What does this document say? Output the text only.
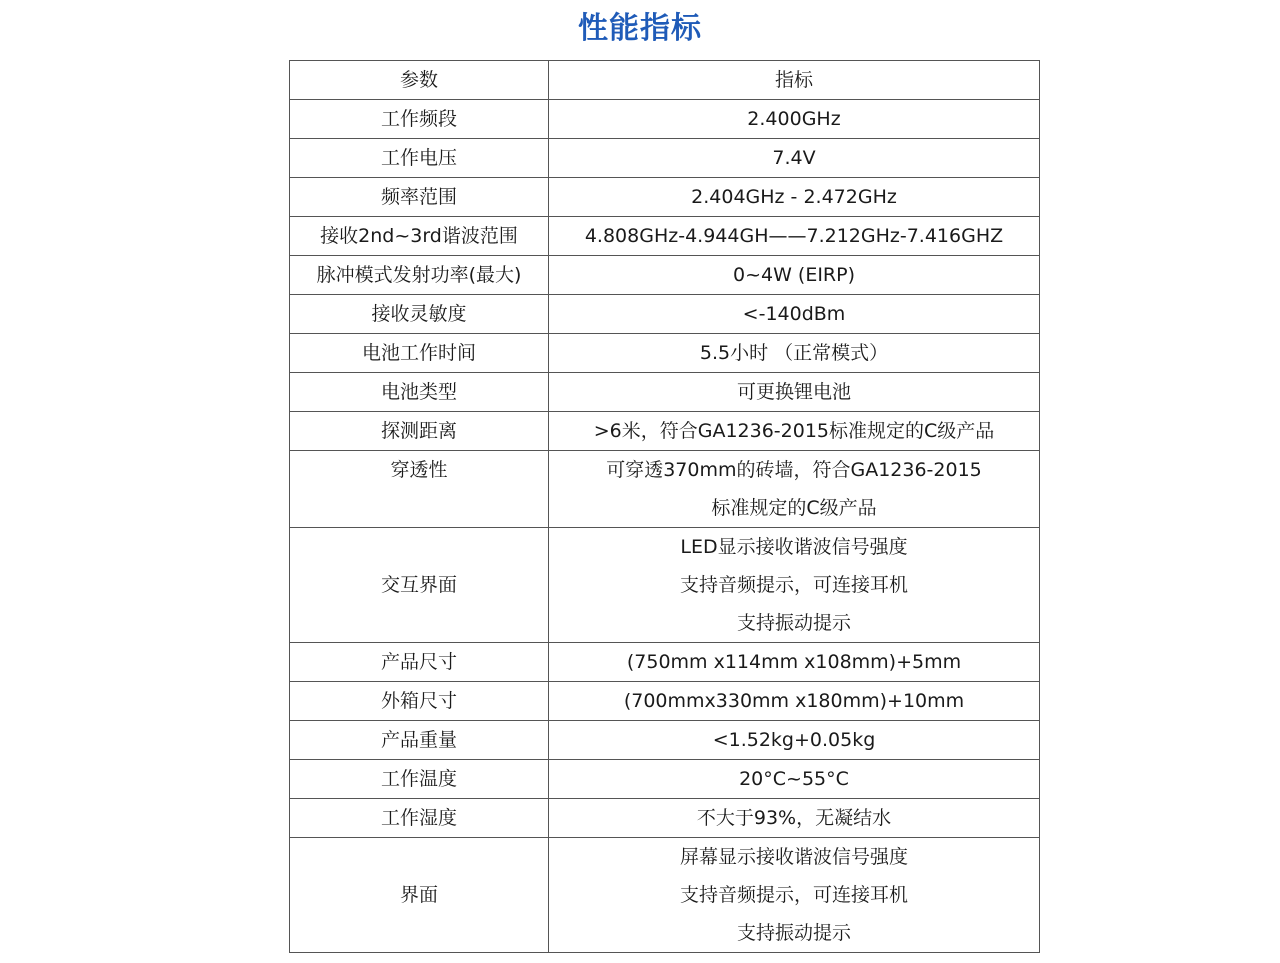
性能指标
参数	指标
工作频段	2.400GHz

工作电压	7.4V

频率范围	2.404GHz - 2.472GHz

接收2nd~3rd谐波范围	4.808GHz-4.944GH——7.212GHz-7.416GHZ

脉冲模式发射功率(最大)	0~4W (EIRP)

接收灵敏度	<-140dBm

电池工作时间	5.5小时 （正常模式）

电池类型	可更换锂电池

探测距离	>6米，符合GA1236-2015标准规定的C级产品

穿透性	可穿透370mm的砖墙，符合GA1236-2015
标准规定的C级产品

交互界面	LED显示接收谐波信号强度
支持音频提示，可连接耳机
支持振动提示

产品尺寸	(750mm x114mm x108mm)+5mm

外箱尺寸	(700mmx330mm x180mm)+10mm

产品重量	<1.52kg+0.05kg

工作温度	20°C~55°C

工作湿度	不大于93%，无凝结水

界面	屏幕显示接收谐波信号强度
支持音频提示，可连接耳机
支持振动提示
